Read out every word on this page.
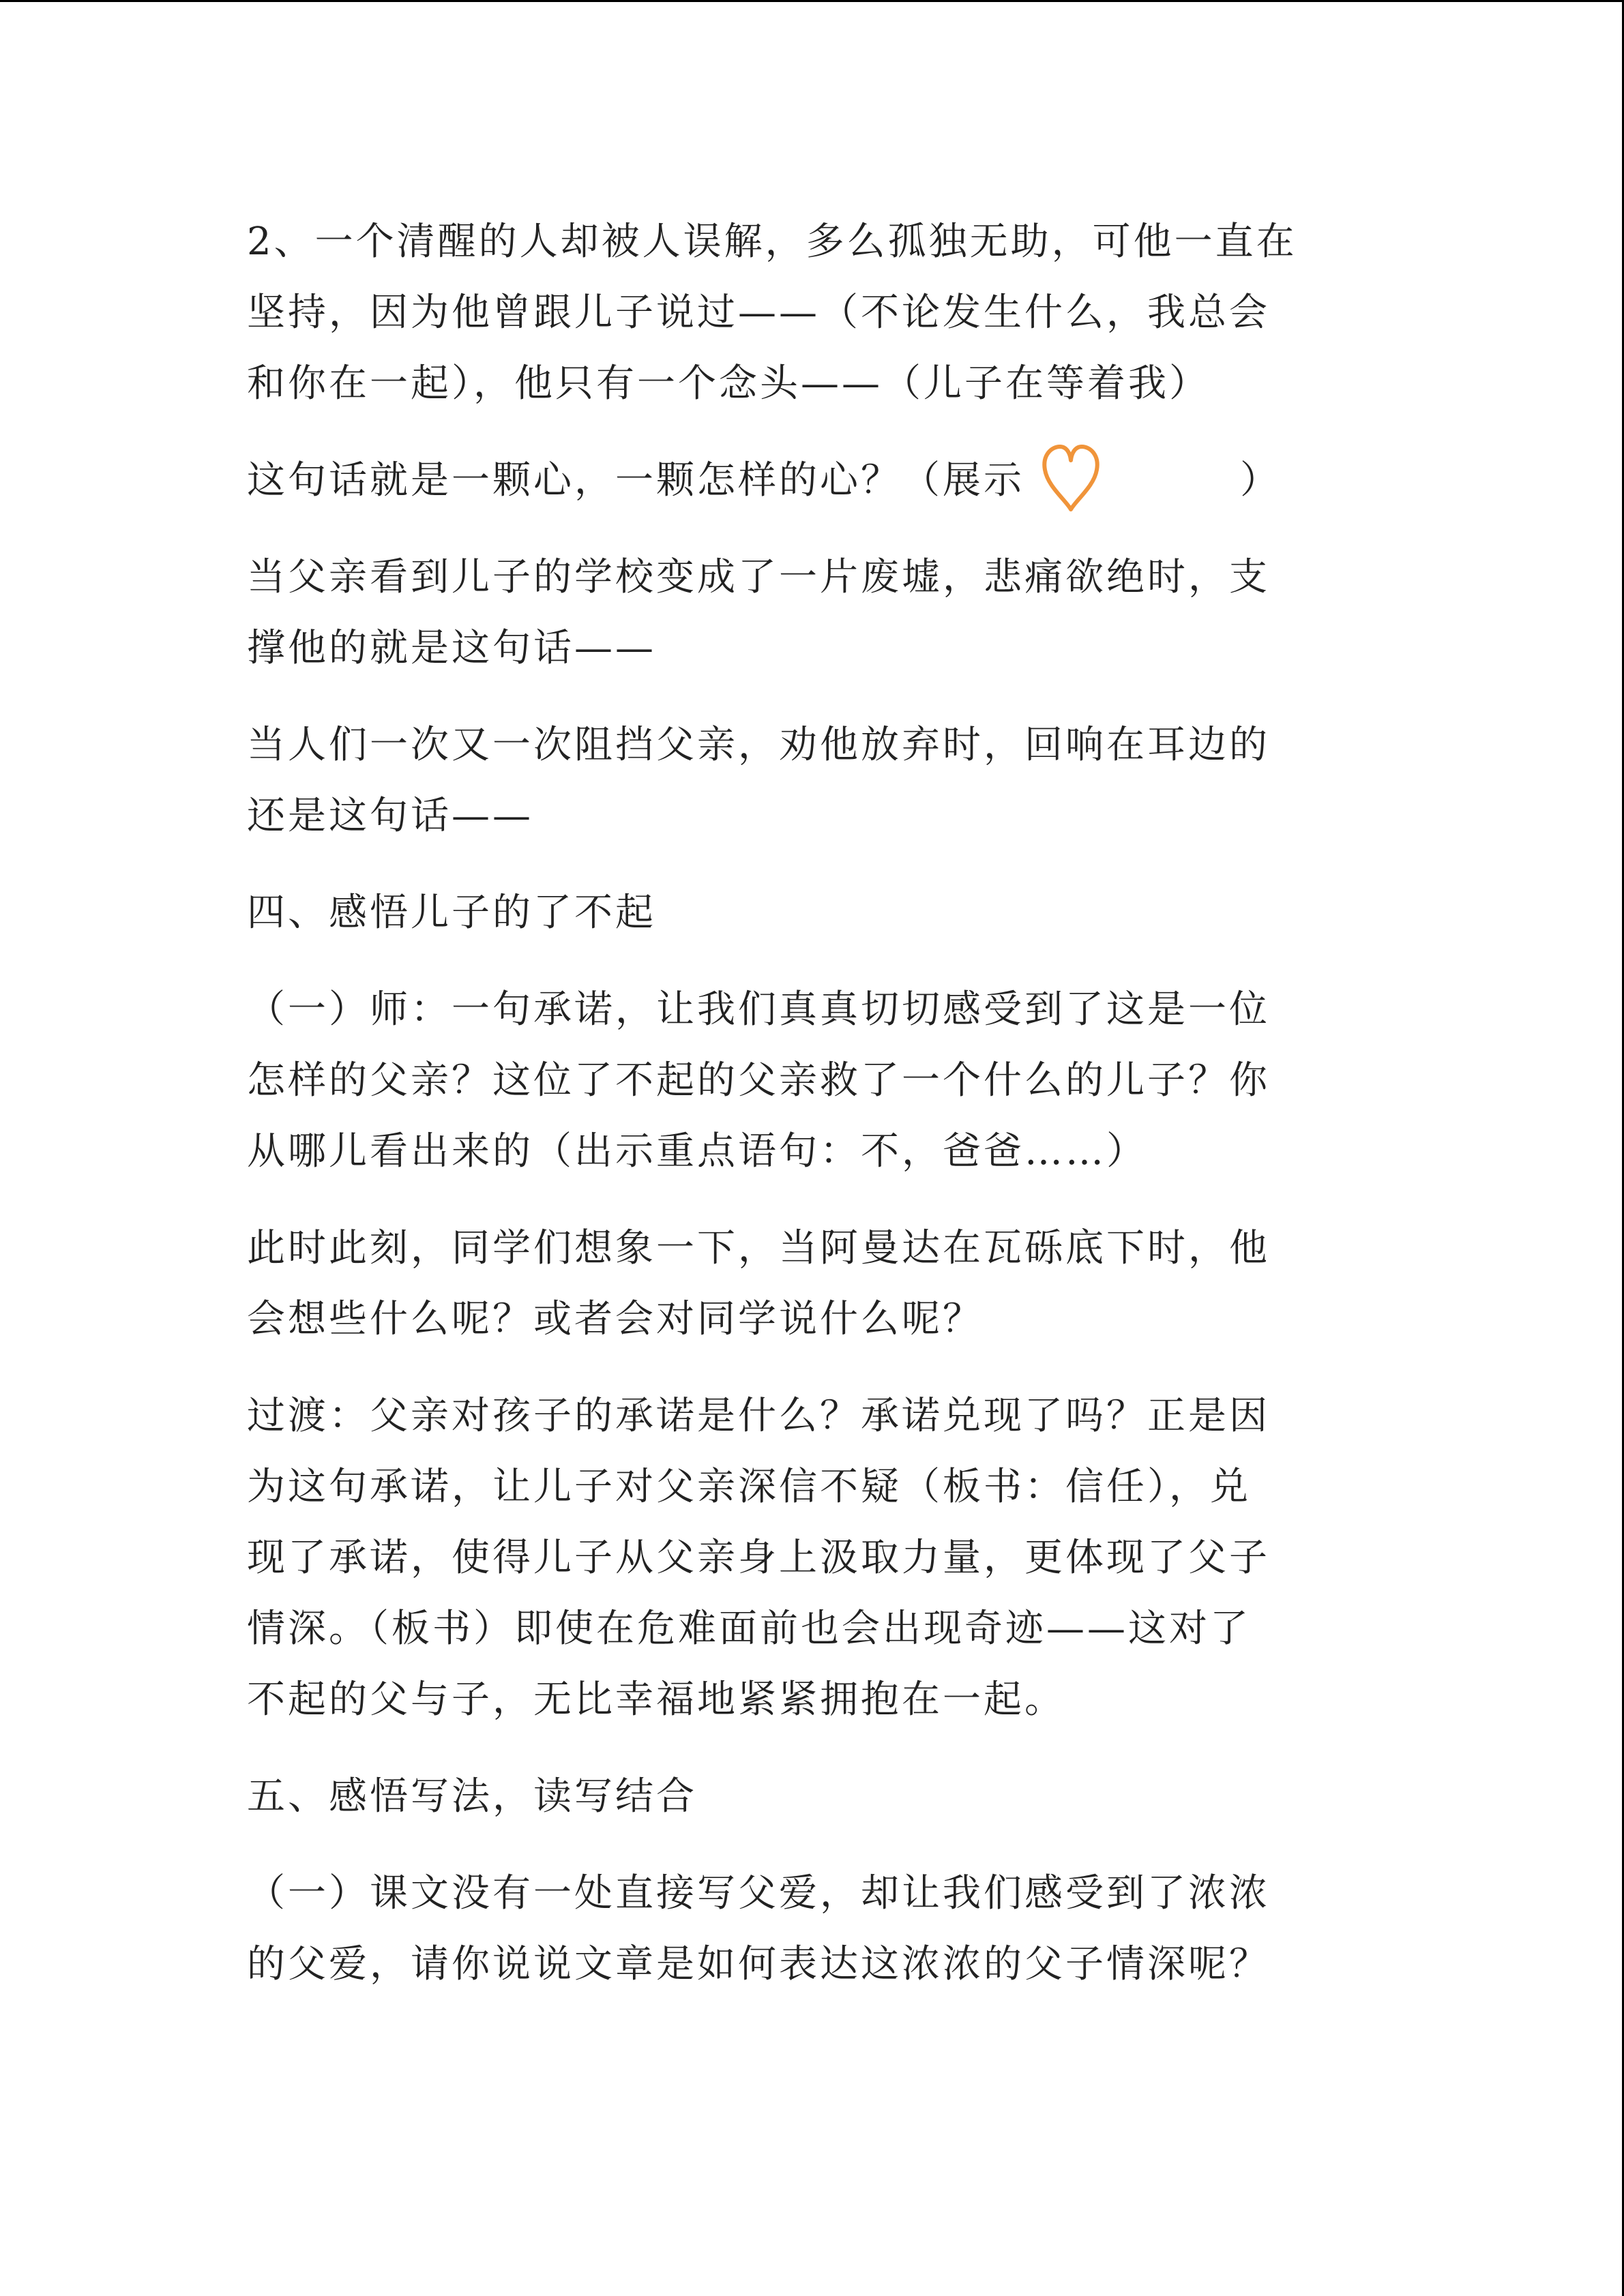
2、一个清醒的人却被人误解，多么孤独无助，可他一直在
坚持，因为他曾跟儿子说过——（不论发生什么，我总会
和你在一起），他只有一个念头——（儿子在等着我）

这句话就是一颗心，一颗怎样的心？（展示	）

当父亲看到儿子的学校变成了一片废墟，悲痛欲绝时，支
撑他的就是这句话——

当人们一次又一次阻挡父亲，劝他放弃时，回响在耳边的
还是这句话——

四、感悟儿子的了不起

（一）师：一句承诺，让我们真真切切感受到了这是一位
怎样的父亲？这位了不起的父亲救了一个什么的儿子？你
从哪儿看出来的（出示重点语句：不，爸爸……）

此时此刻，同学们想象一下，当阿曼达在瓦砾底下时，他
会想些什么呢？或者会对同学说什么呢？

过渡：父亲对孩子的承诺是什么？承诺兑现了吗？正是因
为这句承诺，让儿子对父亲深信不疑（板书：信任），兑
现了承诺，使得儿子从父亲身上汲取力量，更体现了父子
情深。（板书）即使在危难面前也会出现奇迹——这对了
不起的父与子，无比幸福地紧紧拥抱在一起。

五、感悟写法，读写结合

（一）课文没有一处直接写父爱，却让我们感受到了浓浓
的父爱，请你说说文章是如何表达这浓浓的父子情深呢？
